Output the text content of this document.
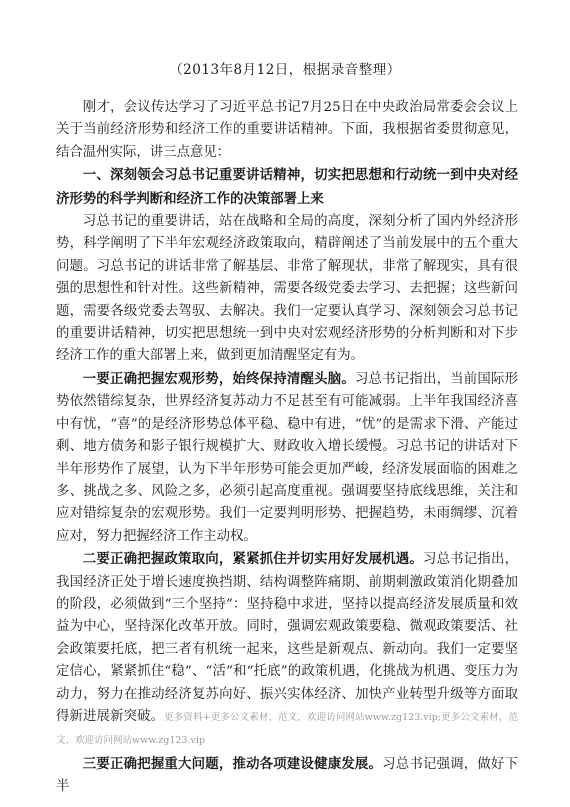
（2013年8月12日，根据录音整理）

刚才，会议传达学习了习近平总书记7月25日在中央政治局常委会会议上关于当前经济形势和经济工作的重要讲话精神。下面，我根据省委贯彻意见，结合温州实际，讲三点意见：

一、深刻领会习总书记重要讲话精神，切实把思想和行动统一到中央对经济形势的科学判断和经济工作的决策部署上来

习总书记的重要讲话，站在战略和全局的高度，深刻分析了国内外经济形势，科学阐明了下半年宏观经济政策取向，精辟阐述了当前发展中的五个重大问题。习总书记的讲话非常了解基层、非常了解现状，非常了解现实，具有很强的思想性和针对性。这些新精神，需要各级党委去学习、去把握；这些新问题，需要各级党委去驾驭、去解决。我们一定要认真学习、深刻领会习总书记的重要讲话精神，切实把思想统一到中央对宏观经济形势的分析判断和对下步经济工作的重大部署上来，做到更加清醒坚定有为。

一要正确把握宏观形势，始终保持清醒头脑。习总书记指出，当前国际形势依然错综复杂，世界经济复苏动力不足甚至有可能减弱。上半年我国经济喜中有忧，“喜”的是经济形势总体平稳、稳中有进，“忧”的是需求下滑、产能过剩、地方债务和影子银行规模扩大、财政收入增长缓慢。习总书记的讲话对下半年形势作了展望，认为下半年形势可能会更加严峻，经济发展面临的困难之多、挑战之多、风险之多，必须引起高度重视。强调要坚持底线思维，关注和应对错综复杂的宏观形势。我们一定要判明形势、把握趋势，未雨绸缪、沉着应对，努力把握经济工作主动权。

二要正确把握政策取向，紧紧抓住并切实用好发展机遇。习总书记指出，我国经济正处于增长速度换挡期、结构调整阵痛期、前期刺激政策消化期叠加的阶段，必须做到“三个坚持”：坚持稳中求进，坚持以提高经济发展质量和效益为中心，坚持深化改革开放。同时，强调宏观政策要稳、微观政策要活、社会政策要托底，把三者有机统一起来，这些是新观点、新动向。我们一定要坚定信心，紧紧抓住“稳”、“活”和“托底”的政策机遇，化挑战为机遇、变压力为动力，努力在推动经济复苏向好、振兴实体经济、加快产业转型升级等方面取得新进展新突破。更多资料+更多公文素材，范文，欢迎访问网站www.zg123.vip;更多公文素材，范文，欢迎访问网站www.zg123.vip

三要正确把握重大问题，推动各项建设健康发展。习总书记强调，做好下半
